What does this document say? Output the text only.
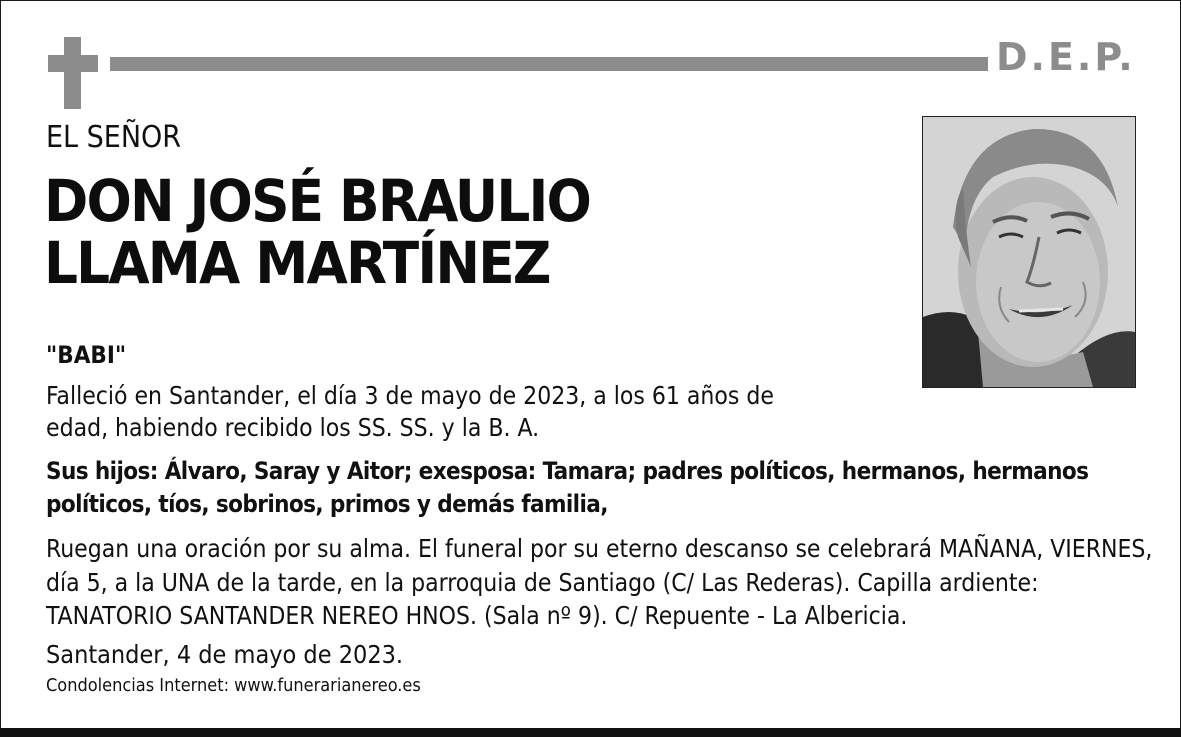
D.E.P.
EL SEÑOR
DON JOSÉ BRAULIO
LLAMA MARTÍNEZ
"BABI"
Falleció en Santander, el día 3 de mayo de 2023, a los 61 años de edad, habiendo recibido los SS. SS. y la B. A.
Sus hijos: Álvaro, Saray y Aitor; exesposa: Tamara; padres políticos, hermanos, hermanos políticos, tíos, sobrinos, primos y demás familia,
Ruegan una oración por su alma. El funeral por su eterno descanso se celebrará MAÑANA, VIERNES, día 5, a la UNA de la tarde, en la parroquia de Santiago (C/ Las Rederas). Capilla ardiente: TANATORIO SANTANDER NEREO HNOS. (Sala nº 9). C/ Repuente - La Albericia.
Santander, 4 de mayo de 2023.
Condolencias Internet: www.funerarianereo.es
